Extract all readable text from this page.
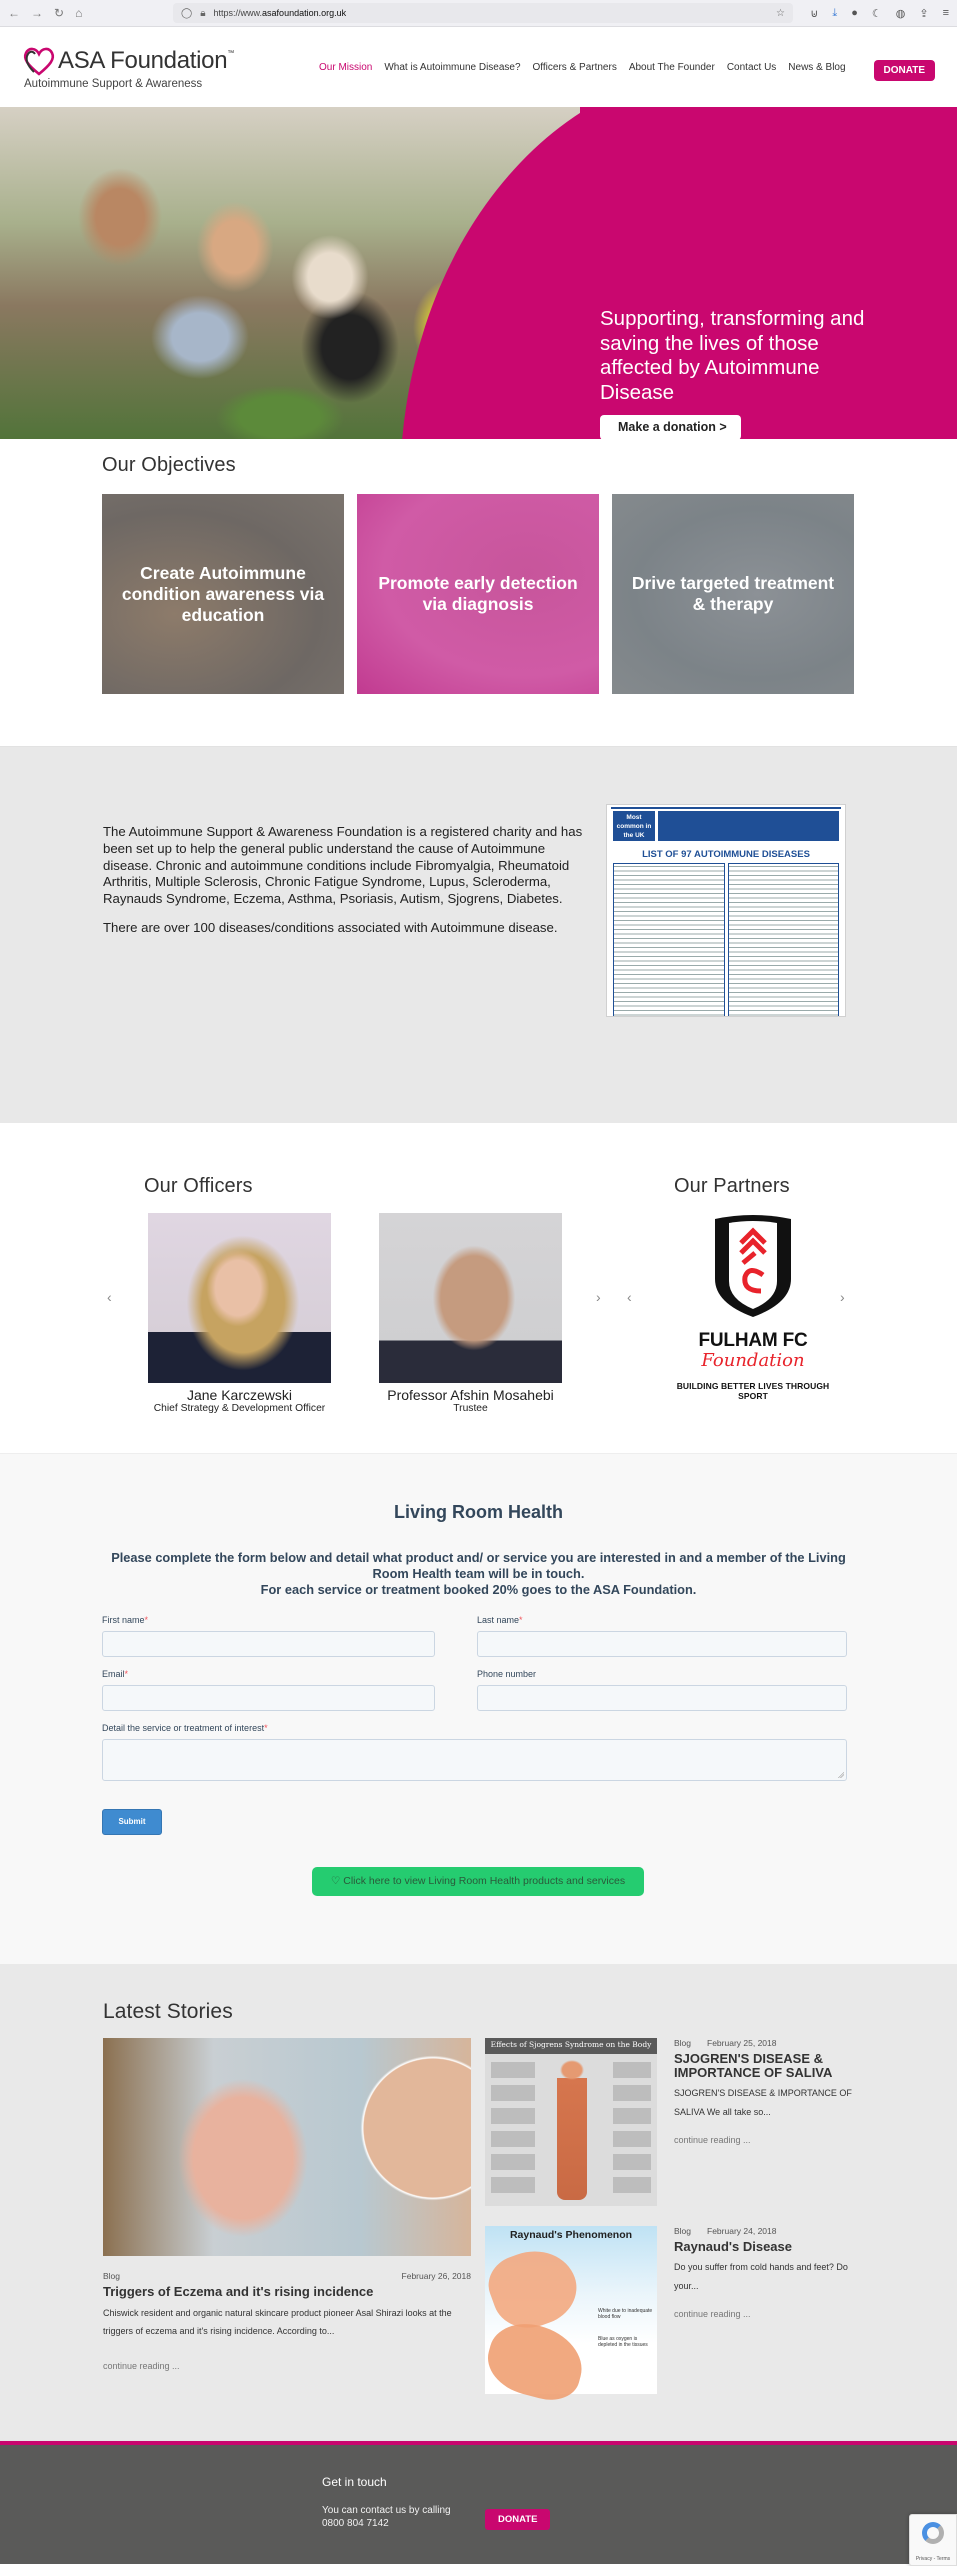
← → ↻ ⌂	◯ 🔒︎ https://www.asafoundation.org.uk	☆ ⊍ ⤓ ● ☾ ◍ ⇪ ≡
ASA Foundation™
Autoimmune Support & Awareness
Our Mission What is Autoimmune Disease? Officers & Partners About The Founder Contact Us News & Blog	DONATE
Supporting, transforming and saving the lives of those affected by Autoimmune Disease
Make a donation >
Our Objectives
Create Autoimmune condition awareness via education
Promote early detection via diagnosis
Drive targeted treatment & therapy

The Autoimmune Support & Awareness Foundation is a registered charity and has been set up to help the general public understand the cause of Autoimmune disease. Chronic and autoimmune conditions include Fibromyalgia, Rheumatoid Arthritis, Multiple Sclerosis, Chronic Fatigue Syndrome, Lupus, Scleroderma, Raynauds Syndrome, Eczema, Asthma, Psoriasis, Autism, Sjogrens, Diabetes.

There are over 100 diseases/conditions associated with Autoimmune disease.

Most common in the UK
LIST OF 97 AUTOIMMUNE DISEASES
Our Officers	Our Partners
‹	› ‹	›
Jane Karczewski
Chief Strategy & Development Officer
Professor Afshin Mosahebi
Trustee
FULHAM FC
Foundation
BUILDING BETTER LIVES THROUGH SPORT
Living Room Health
Please complete the form below and detail what product and/ or service you are interested in and a member of the Living Room Health team will be in touch.
For each service or treatment booked 20% goes to the ASA Foundation.
First name*	Last name*
Email*	Phone number
Detail the service or treatment of interest*
Submit
♡ Click here to view Living Room Health products and services
Latest Stories
Blog	February 26, 2018
Triggers of Eczema and it's rising incidence
Chiswick resident and organic natural skincare product pioneer Asal Shirazi looks at the triggers of eczema and it's rising incidence. According to...
continue reading ...
Effects of Sjogrens Syndrome on the Body	Blog February 25, 2018
SJOGREN'S DISEASE & IMPORTANCE OF SALIVA
SJOGREN'S DISEASE & IMPORTANCE OF SALIVA We all take so...
continue reading ...
Raynaud's Phenomenon
White due to inadequate blood flow
Blue as oxygen is depleted in the tissues
Blog February 24, 2018
Raynaud's Disease
Do you suffer from cold hands and feet? Do your...
continue reading ...
Get in touch
You can contact us by calling
0800 804 7142	DONATE
Privacy - Terms
